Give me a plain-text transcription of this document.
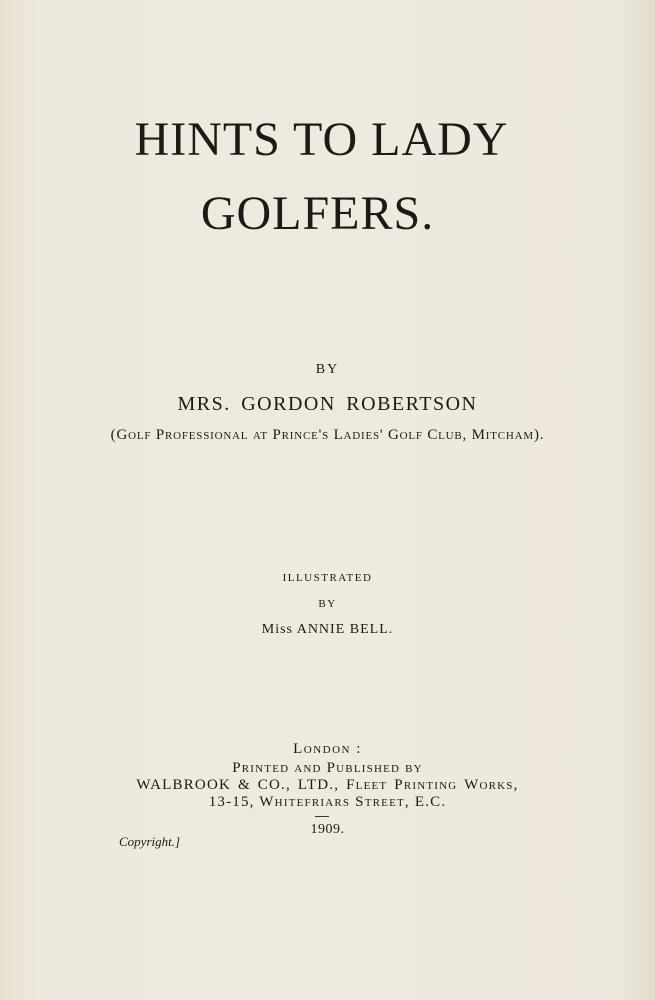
HINTS TO LADY
GOLFERS.
BY
MRS. GORDON ROBERTSON
(Golf Professional at Prince's Ladies' Golf Club, Mitcham).
ILLUSTRATED
BY
Miss ANNIE BELL.
London :
Printed and Published by
WALBROOK & CO., LTD., Fleet Printing Works,
13-15, Whitefriars Street, E.C.
1909.
Copyright.]
